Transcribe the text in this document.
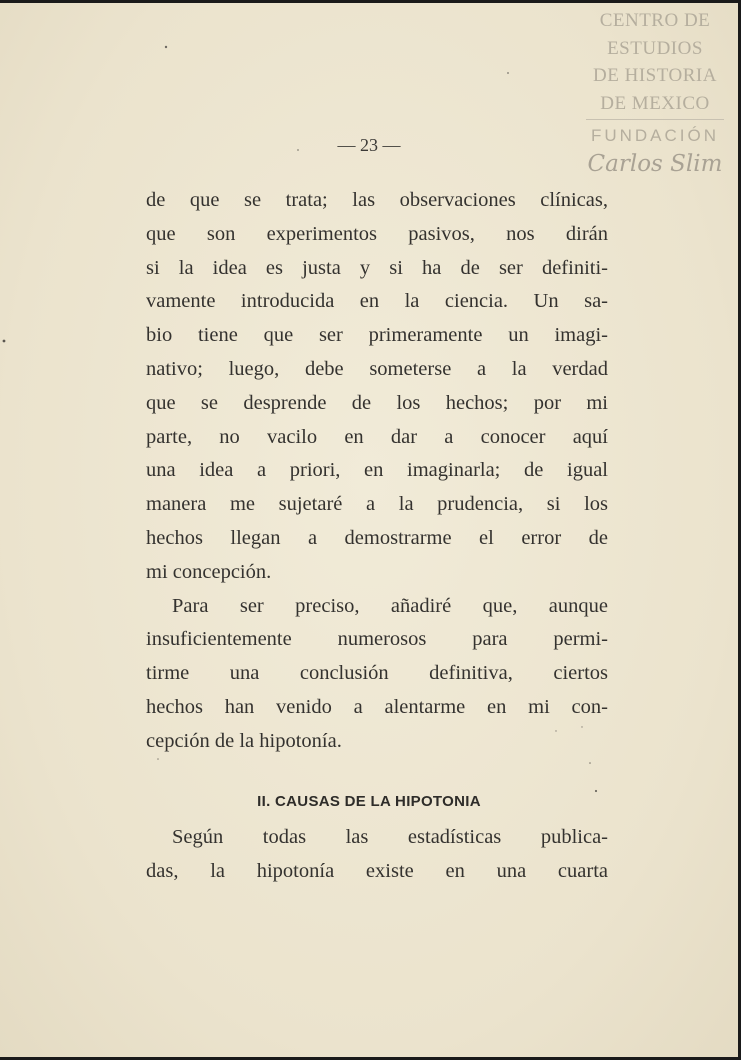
CENTRO DE
ESTUDIOS
DE HISTORIA
DE MEXICO
FUNDACIÓN
Carlos Slim
— 23 —
de que se trata; las observaciones clínicas,
que son experimentos pasivos, nos dirán
si la idea es justa y si ha de ser definiti-
vamente introducida en la ciencia. Un sa-
bio tiene que ser primeramente un imagi-
nativo; luego, debe someterse a la verdad
que se desprende de los hechos; por mi
parte, no vacilo en dar a conocer aquí
una idea a priori, en imaginarla; de igual
manera me sujetaré a la prudencia, si los
hechos llegan a demostrarme el error de
mi concepción.
Para ser preciso, añadiré que, aunque
insuficientemente numerosos para permi-
tirme una conclusión definitiva, ciertos
hechos han venido a alentarme en mi con-
cepción de la hipotonía.
II. CAUSAS DE LA HIPOTONIA
Según todas las estadísticas publica-
das, la hipotonía existe en una cuarta
